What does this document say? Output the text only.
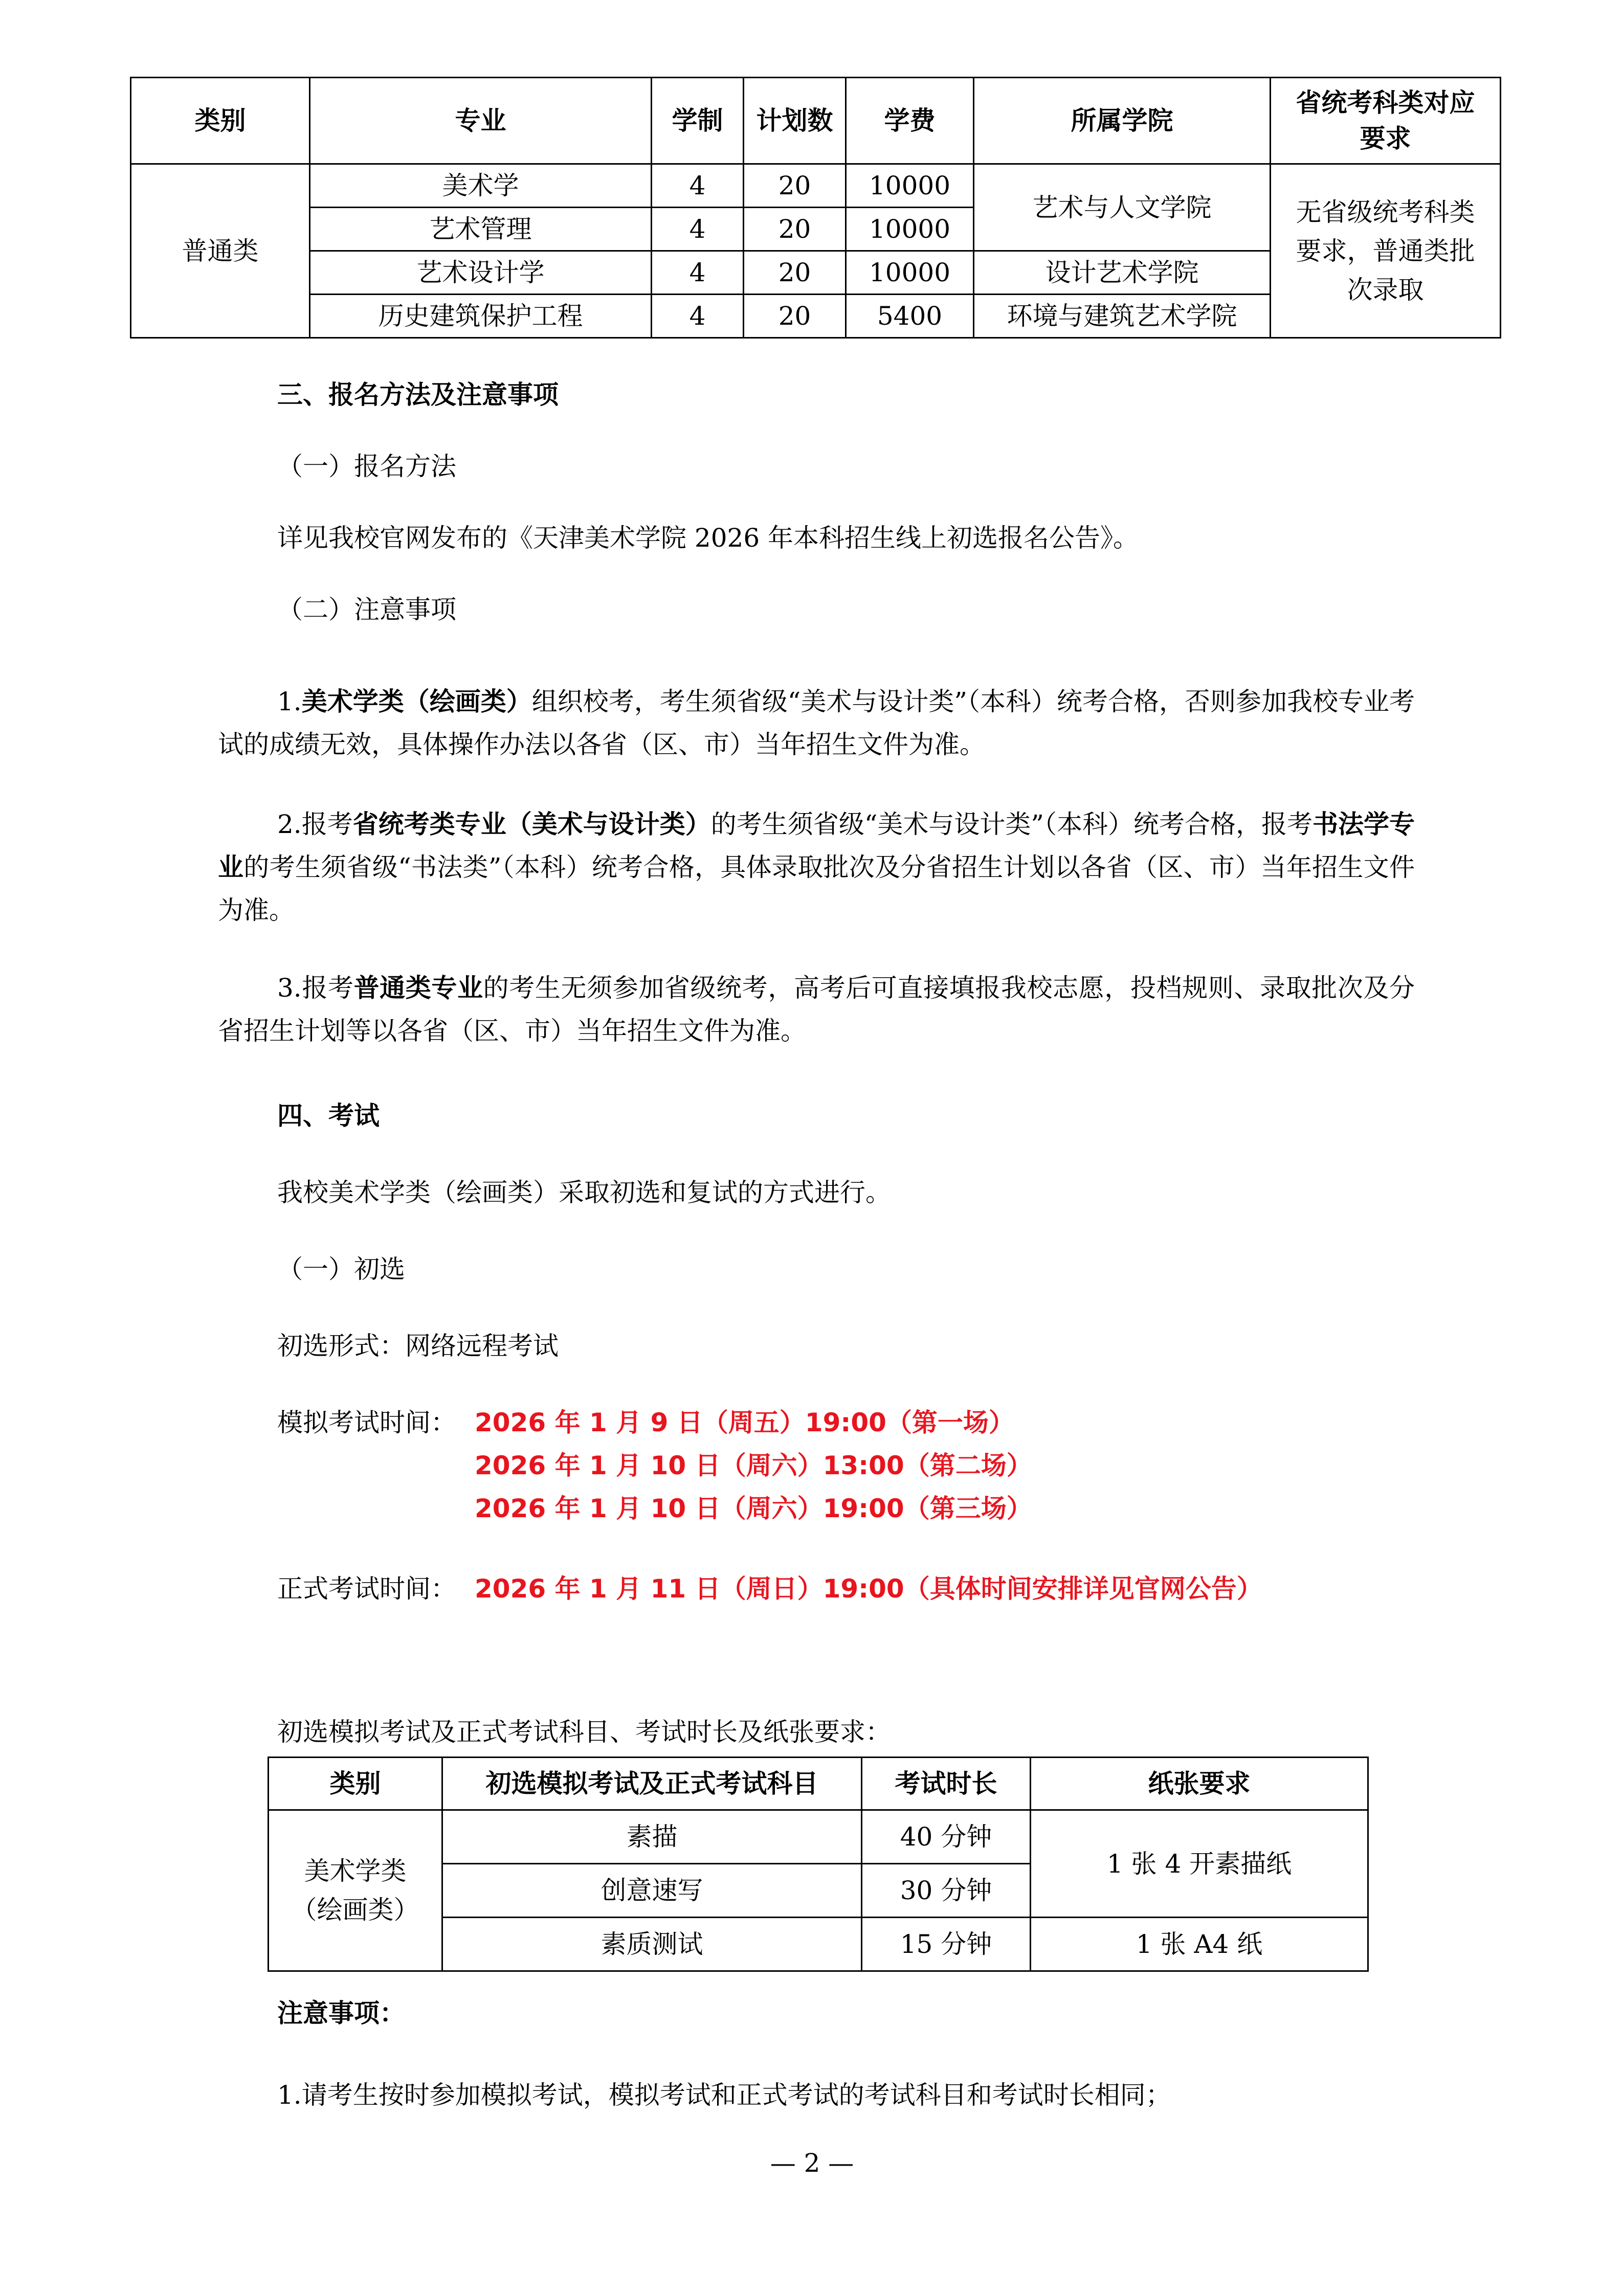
类别	专业	学制	计划数	学费	所属学院	省统考科类对应要求
普通类	美术学	4	20	10000	艺术与人文学院	无省级统考科类要求，普通类批次录取
	艺术管理	4	20	10000		
	艺术设计学	4	20	10000	设计艺术学院	
	历史建筑保护工程	4	20	5400	环境与建筑艺术学院	
三、报名方法及注意事项
（一）报名方法
详见我校官网发布的《天津美术学院 2026 年本科招生线上初选报名公告》。
（二）注意事项
1.美术学类（绘画类）组织校考，考生须省级“美术与设计类”（本科）统考合格，否则参加我校专业考试的成绩无效，具体操作办法以各省（区、市）当年招生文件为准。
2.报考省统考类专业（美术与设计类）的考生须省级“美术与设计类”（本科）统考合格，报考书法学专业的考生须省级“书法类”（本科）统考合格，具体录取批次及分省招生计划以各省（区、市）当年招生文件为准。
3.报考普通类专业的考生无须参加省级统考，高考后可直接填报我校志愿，投档规则、录取批次及分省招生计划等以各省（区、市）当年招生文件为准。
四、考试
我校美术学类（绘画类）采取初选和复试的方式进行。
（一）初选
初选形式：网络远程考试
模拟考试时间： 2026 年 1 月 9 日（周五）19:00（第一场）
2026 年 1 月 10 日（周六）13:00（第二场）
2026 年 1 月 10 日（周六）19:00（第三场）
正式考试时间： 2026 年 1 月 11 日（周日）19:00（具体时间安排详见官网公告）
初选模拟考试及正式考试科目、考试时长及纸张要求：
类别	初选模拟考试及正式考试科目	考试时长	纸张要求
美术学类（绘画类）	素描	40 分钟	1 张 4 开素描纸
	创意速写	30 分钟	
	素质测试	15 分钟	1 张 A4 纸
注意事项：
1.请考生按时参加模拟考试，模拟考试和正式考试的考试科目和考试时长相同；
— 2 —
